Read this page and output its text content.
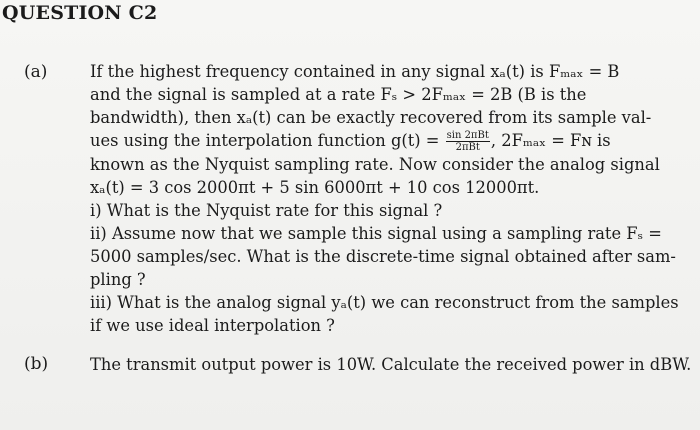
QUESTION C2
(a)	If the highest frequency contained in any signal xₐ(t) is Fₘₐₓ = B
and the signal is sampled at a rate Fₛ > 2Fₘₐₓ = 2B (B is the
bandwidth), then xₐ(t) can be exactly recovered from its sample val-
ues using the interpolation function $g(t) = \frac{\text{sin 2πBt}}{\text{2πBt}}$ , 2Fₘₐₓ = Fɴ is
known as the Nyquist sampling rate. Now consider the analog signal
xₐ(t) = 3 cos 2000πt + 5 sin 6000πt + 10 cos 12000πt.
i) What is the Nyquist rate for this signal ?
ii) Assume now that we sample this signal using a sampling rate Fₛ =
5000 samples/sec. What is the discrete-time signal obtained after sam-
pling ?
iii) What is the analog signal yₐ(t) we can reconstruct from the samples
if we use ideal interpolation ?
(b)	The transmit output power is 10W. Calculate the received power in dBW.
